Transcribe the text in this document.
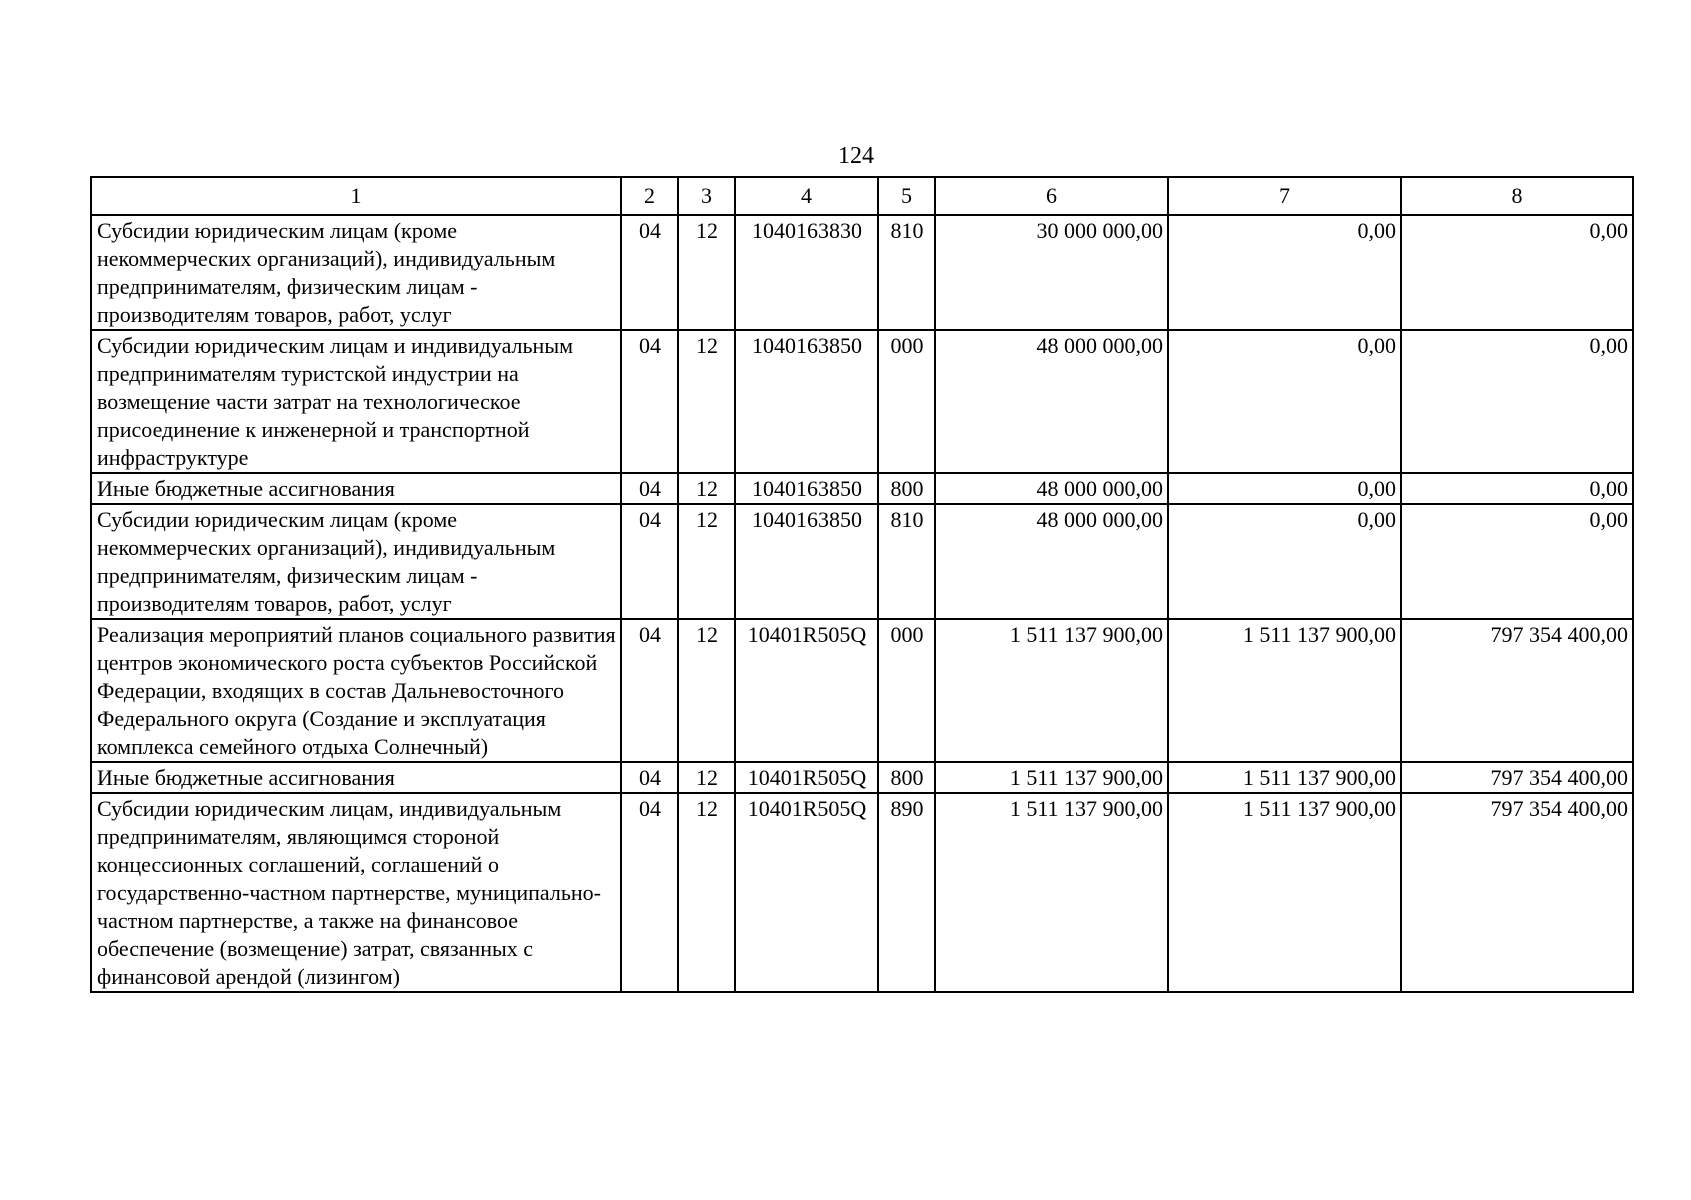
124
1	2	3	4	5	6	7	8
Субсидии юридическим лицам (кроме некоммерческих организаций), индивидуальным предпринимателям, физическим лицам - производителям товаров, работ, услуг	04	12	1040163830	810	30 000 000,00	0,00	0,00
Субсидии юридическим лицам и индивидуальным предпринимателям туристской индустрии на возмещение части затрат на технологическое присоединение к инженерной и транспортной инфраструктуре	04	12	1040163850	000	48 000 000,00	0,00	0,00
Иные бюджетные ассигнования	04	12	1040163850	800	48 000 000,00	0,00	0,00
Субсидии юридическим лицам (кроме некоммерческих организаций), индивидуальным предпринимателям, физическим лицам - производителям товаров, работ, услуг	04	12	1040163850	810	48 000 000,00	0,00	0,00
Реализация мероприятий планов социального развития центров экономического роста субъектов Российской Федерации, входящих в состав Дальневосточного Федерального округа (Создание и эксплуатация комплекса семейного отдыха Солнечный)	04	12	10401R505Q	000	1 511 137 900,00	1 511 137 900,00	797 354 400,00
Иные бюджетные ассигнования	04	12	10401R505Q	800	1 511 137 900,00	1 511 137 900,00	797 354 400,00
Субсидии юридическим лицам, индивидуальным предпринимателям, являющимся стороной концессионных соглашений, соглашений о государственно-частном партнерстве, муниципально-частном партнерстве, а также на финансовое обеспечение (возмещение) затрат, связанных с финансовой арендой (лизингом)	04	12	10401R505Q	890	1 511 137 900,00	1 511 137 900,00	797 354 400,00
